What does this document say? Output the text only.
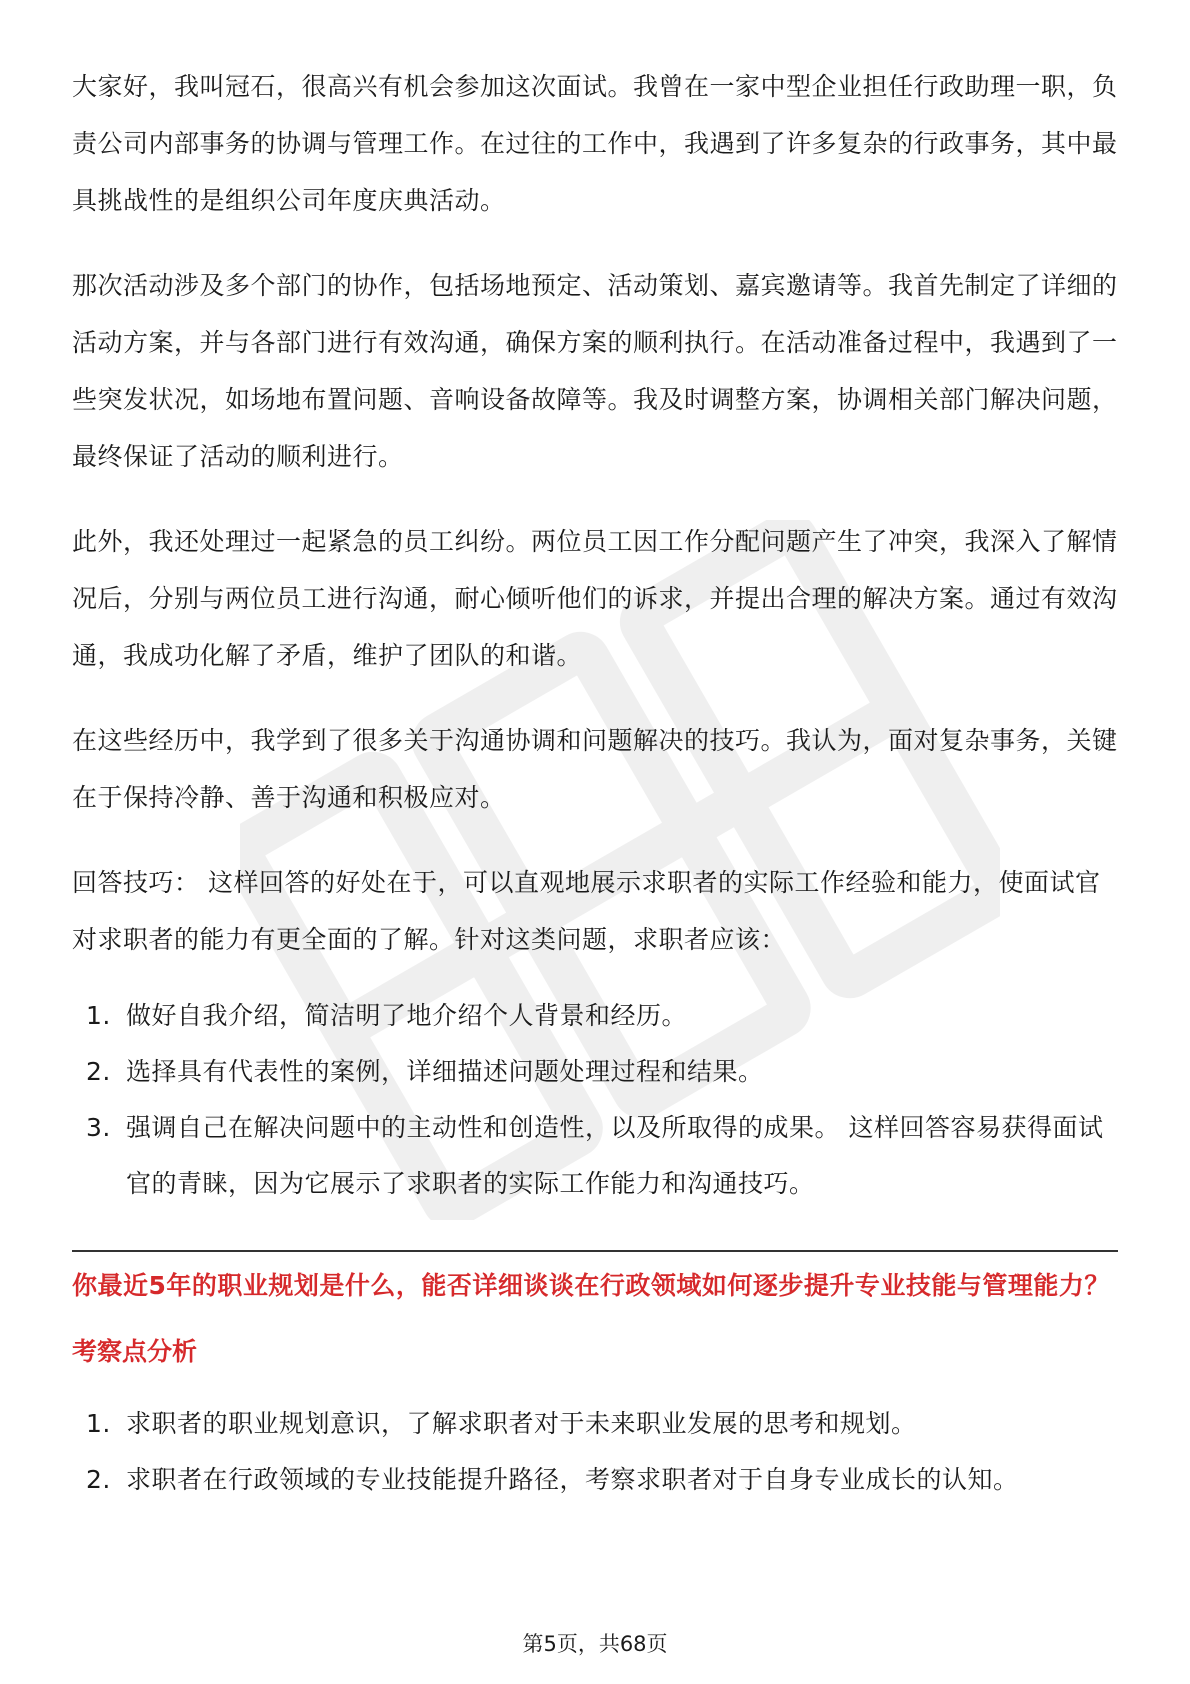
大家好，我叫冠石，很高兴有机会参加这次面试。我曾在一家中型企业担任行政助理一职，负责公司内部事务的协调与管理工作。在过往的工作中，我遇到了许多复杂的行政事务，其中最具挑战性的是组织公司年度庆典活动。

那次活动涉及多个部门的协作，包括场地预定、活动策划、嘉宾邀请等。我首先制定了详细的活动方案，并与各部门进行有效沟通，确保方案的顺利执行。在活动准备过程中，我遇到了一些突发状况，如场地布置问题、音响设备故障等。我及时调整方案，协调相关部门解决问题，最终保证了活动的顺利进行。

此外，我还处理过一起紧急的员工纠纷。两位员工因工作分配问题产生了冲突，我深入了解情况后，分别与两位员工进行沟通，耐心倾听他们的诉求，并提出合理的解决方案。通过有效沟通，我成功化解了矛盾，维护了团队的和谐。

在这些经历中，我学到了很多关于沟通协调和问题解决的技巧。我认为，面对复杂事务，关键在于保持冷静、善于沟通和积极应对。

回答技巧： 这样回答的好处在于，可以直观地展示求职者的实际工作经验和能力，使面试官对求职者的能力有更全面的了解。针对这类问题，求职者应该：

1. 做好自我介绍，简洁明了地介绍个人背景和经历。
2. 选择具有代表性的案例，详细描述问题处理过程和结果。
3. 强调自己在解决问题中的主动性和创造性，以及所取得的成果。 这样回答容易获得面试官的青睐，因为它展示了求职者的实际工作能力和沟通技巧。
你最近5年的职业规划是什么，能否详细谈谈在行政领域如何逐步提升专业技能与管理能力？
考察点分析
1. 求职者的职业规划意识，了解求职者对于未来职业发展的思考和规划。
2. 求职者在行政领域的专业技能提升路径，考察求职者对于自身专业成长的认知。
第5页，共68页
